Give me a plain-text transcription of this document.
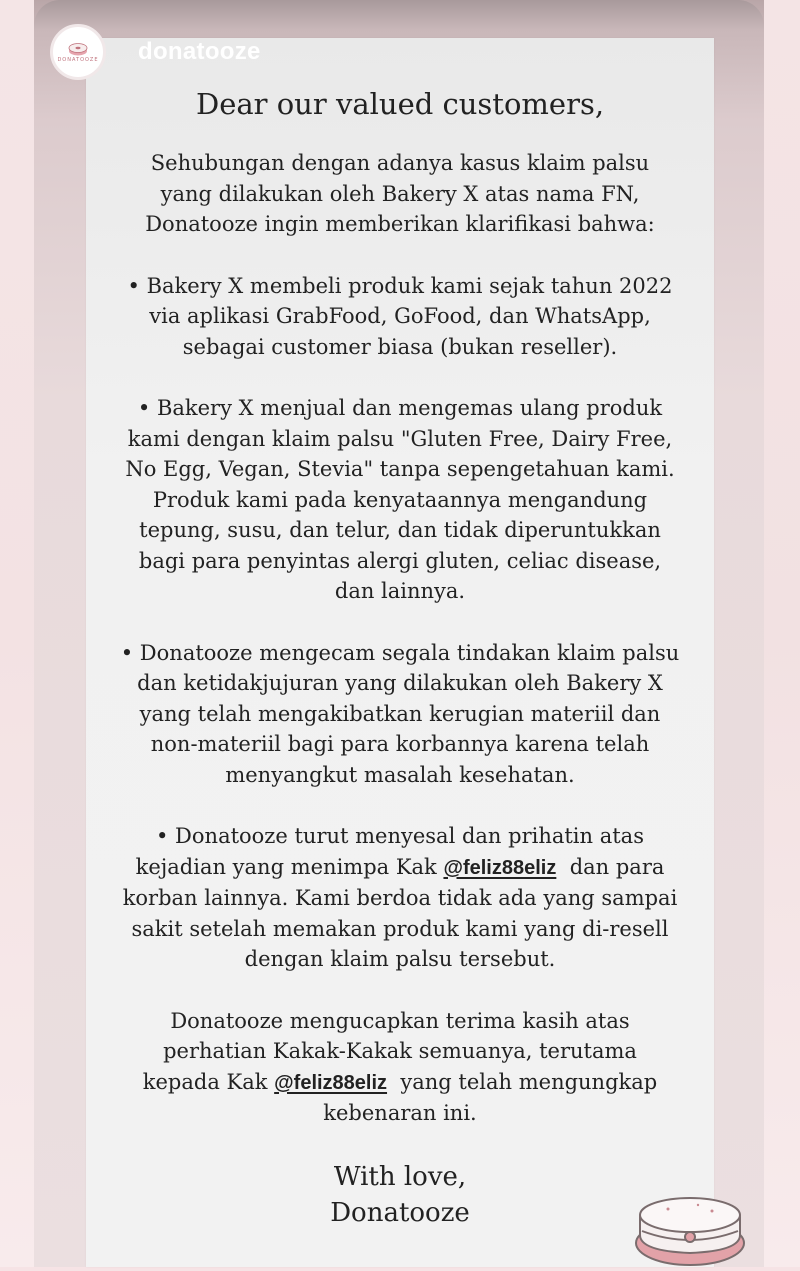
DONATOOZE donatooze

Dear our valued customers,

Sehubungan dengan adanya kasus klaim palsu
yang dilakukan oleh Bakery X atas nama FN,
Donatooze ingin memberikan klarifikasi bahwa:

• Bakery X membeli produk kami sejak tahun 2022
via aplikasi GrabFood, GoFood, dan WhatsApp,
sebagai customer biasa (bukan reseller).

• Bakery X menjual dan mengemas ulang produk
kami dengan klaim palsu "Gluten Free, Dairy Free,
No Egg, Vegan, Stevia" tanpa sepengetahuan kami.
Produk kami pada kenyataannya mengandung
tepung, susu, dan telur, dan tidak diperuntukkan
bagi para penyintas alergi gluten, celiac disease,
dan lainnya.

• Donatooze mengecam segala tindakan klaim palsu
dan ketidakjujuran yang dilakukan oleh Bakery X
yang telah mengakibatkan kerugian materiil dan
non-materiil bagi para korbannya karena telah
menyangkut masalah kesehatan.

• Donatooze turut menyesal dan prihatin atas
kejadian yang menimpa Kak @feliz88eliz  dan para
korban lainnya. Kami berdoa tidak ada yang sampai
sakit setelah memakan produk kami yang di-resell
dengan klaim palsu tersebut.

Donatooze mengucapkan terima kasih atas
perhatian Kakak-Kakak semuanya, terutama
kepada Kak @feliz88eliz  yang telah mengungkap
kebenaran ini.

With love,
Donatooze
